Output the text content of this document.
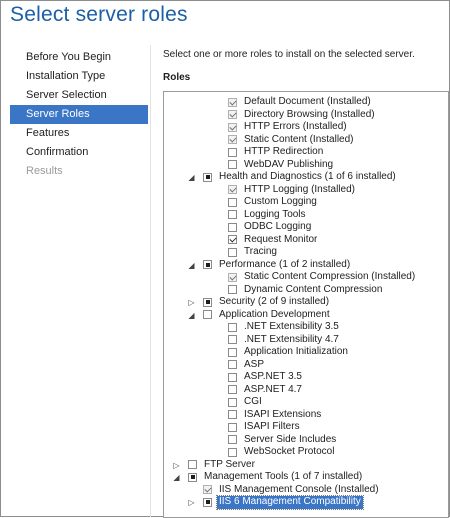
Select server roles
Before You Begin
Installation Type
Server Selection
Server Roles
Features
Confirmation
Results
Select one or more roles to install on the selected server.
Roles
Default Document (Installed)
Directory Browsing (Installed)
HTTP Errors (Installed)
Static Content (Installed)
HTTP Redirection
WebDAV Publishing
◢ Health and Diagnostics (1 of 6 installed)
HTTP Logging (Installed)
Custom Logging
Logging Tools
ODBC Logging
Request Monitor
Tracing
◢ Performance (1 of 2 installed)
Static Content Compression (Installed)
Dynamic Content Compression
▷ Security (2 of 9 installed)
◢ Application Development
.NET Extensibility 3.5
.NET Extensibility 4.7
Application Initialization
ASP
ASP.NET 3.5
ASP.NET 4.7
CGI
ISAPI Extensions
ISAPI Filters
Server Side Includes
WebSocket Protocol
▷ FTP Server
◢ Management Tools (1 of 7 installed)
IIS Management Console (Installed)
▷ IIS 6 Management Compatibility
